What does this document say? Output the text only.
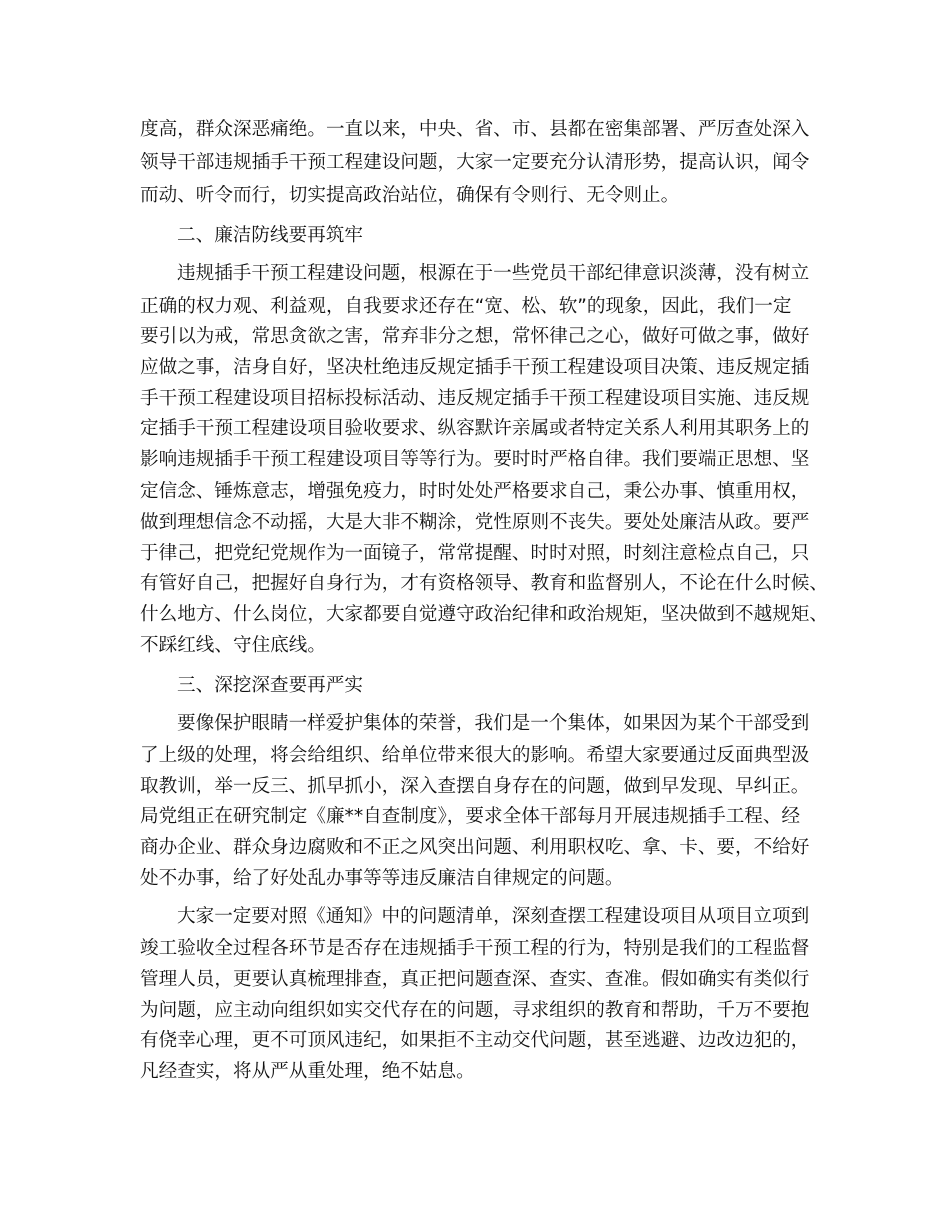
度高，群众深恶痛绝。一直以来，中央、省、市、县都在密集部署、严厉查处深入
领导干部违规插手干预工程建设问题，大家一定要充分认清形势，提高认识，闻令
而动、听令而行，切实提高政治站位，确保有令则行、无令则止。
二、廉洁防线要再筑牢
违规插手干预工程建设问题，根源在于一些党员干部纪律意识淡薄，没有树立
正确的权力观、利益观，自我要求还存在“宽、松、软”的现象，因此，我们一定
要引以为戒，常思贪欲之害，常弃非分之想，常怀律己之心，做好可做之事，做好
应做之事，洁身自好，坚决杜绝违反规定插手干预工程建设项目决策、违反规定插
手干预工程建设项目招标投标活动、违反规定插手干预工程建设项目实施、违反规
定插手干预工程建设项目验收要求、纵容默许亲属或者特定关系人利用其职务上的
影响违规插手干预工程建设项目等等行为。要时时严格自律。我们要端正思想、坚
定信念、锤炼意志，增强免疫力，时时处处严格要求自己，秉公办事、慎重用权，
做到理想信念不动摇，大是大非不糊涂，党性原则不丧失。要处处廉洁从政。要严
于律己，把党纪党规作为一面镜子，常常提醒、时时对照，时刻注意检点自己，只
有管好自己，把握好自身行为，才有资格领导、教育和监督别人，不论在什么时候、
什么地方、什么岗位，大家都要自觉遵守政治纪律和政治规矩，坚决做到不越规矩、
不踩红线、守住底线。
三、深挖深查要再严实
要像保护眼睛一样爱护集体的荣誉，我们是一个集体，如果因为某个干部受到
了上级的处理，将会给组织、给单位带来很大的影响。希望大家要通过反面典型汲
取教训，举一反三、抓早抓小，深入查摆自身存在的问题，做到早发现、早纠正。
局党组正在研究制定《廉**自查制度》，要求全体干部每月开展违规插手工程、经
商办企业、群众身边腐败和不正之风突出问题、利用职权吃、拿、卡、要，不给好
处不办事，给了好处乱办事等等违反廉洁自律规定的问题。
大家一定要对照《通知》中的问题清单，深刻查摆工程建设项目从项目立项到
竣工验收全过程各环节是否存在违规插手干预工程的行为，特别是我们的工程监督
管理人员，更要认真梳理排查，真正把问题查深、查实、查准。假如确实有类似行
为问题，应主动向组织如实交代存在的问题，寻求组织的教育和帮助，千万不要抱
有侥幸心理，更不可顶风违纪，如果拒不主动交代问题，甚至逃避、边改边犯的，
凡经查实，将从严从重处理，绝不姑息。
